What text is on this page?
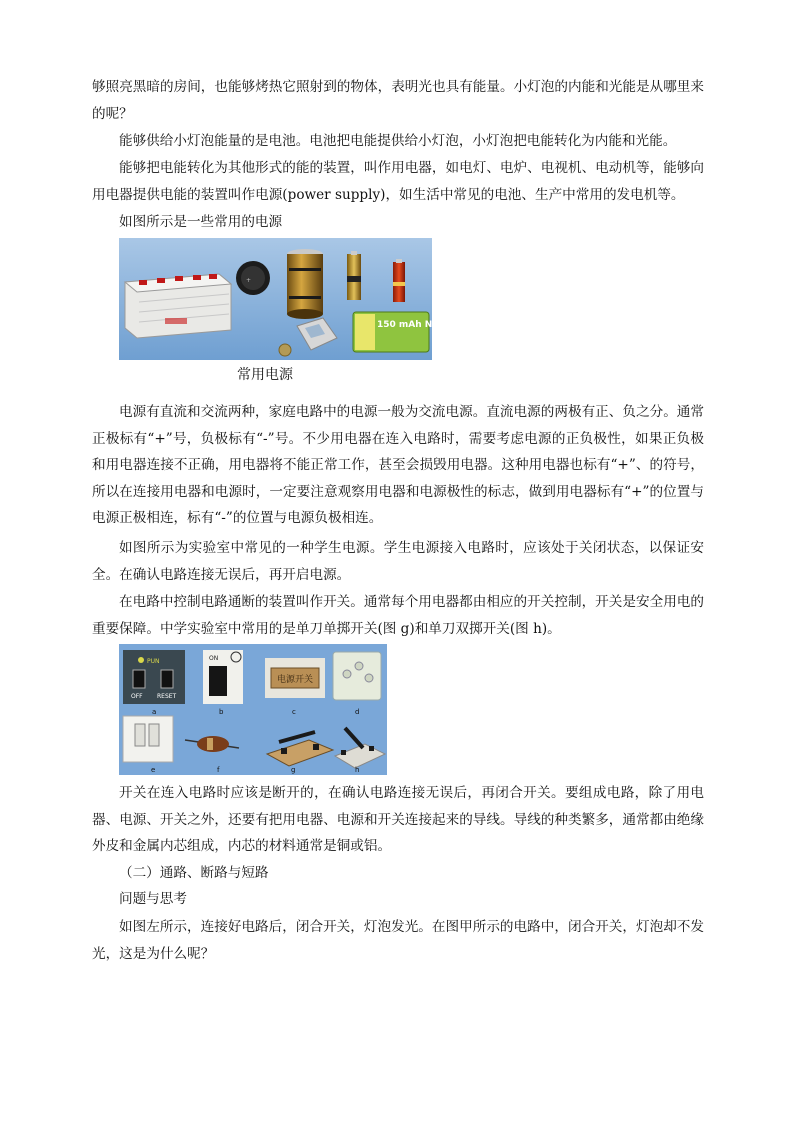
够照亮黑暗的房间，也能够烤热它照射到的物体，表明光也具有能量。小灯泡的内能和光能是从哪里来的呢？

能够供给小灯泡能量的是电池。电池把电能提供给小灯泡，小灯泡把电能转化为内能和光能。

能够把电能转化为其他形式的能的装置，叫作用电器，如电灯、电炉、电视机、电动机等，能够向用电器提供电能的装置叫作电源(power supply)，如生活中常见的电池、生产中常用的发电机等。

如图所示是一些常用的电源

+
150 mAh NiMH 9V
常用电源

电源有直流和交流两种，家庭电路中的电源一般为交流电源。直流电源的两极有正、负之分。通常正极标有“+”号，负极标有“-”号。不少用电器在连入电路时，需要考虑电源的正负极性，如果正负极和用电器连接不正确，用电器将不能正常工作，甚至会损毁用电器。这种用电器也标有“+”、的符号，所以在连接用电器和电源时，一定要注意观察用电器和电源极性的标志，做到用电器标有“+”的位置与电源正极相连，标有“-”的位置与电源负极相连。

如图所示为实验室中常见的一种学生电源。学生电源接入电路时，应该处于关闭状态，以保证安全。在确认电路连接无误后，再开启电源。

在电路中控制电路通断的装置叫作开关。通常每个用电器都由相应的开关控制，开关是安全用电的重要保障。中学实验室中常用的是单刀单掷开关(图 g)和单刀双掷开关(图 h)。

PUN
OFF RESET
ON
电源开关
a	b	c	d
e	f	g	h

开关在连入电路时应该是断开的，在确认电路连接无误后，再闭合开关。要组成电路，除了用电器、电源、开关之外，还要有把用电器、电源和开关连接起来的导线。导线的种类繁多，通常都由绝缘外皮和金属内芯组成，内芯的材料通常是铜或铝。

（二）通路、断路与短路

问题与思考

如图左所示，连接好电路后，闭合开关，灯泡发光。在图甲所示的电路中，闭合开关，灯泡却不发光，这是为什么呢？
